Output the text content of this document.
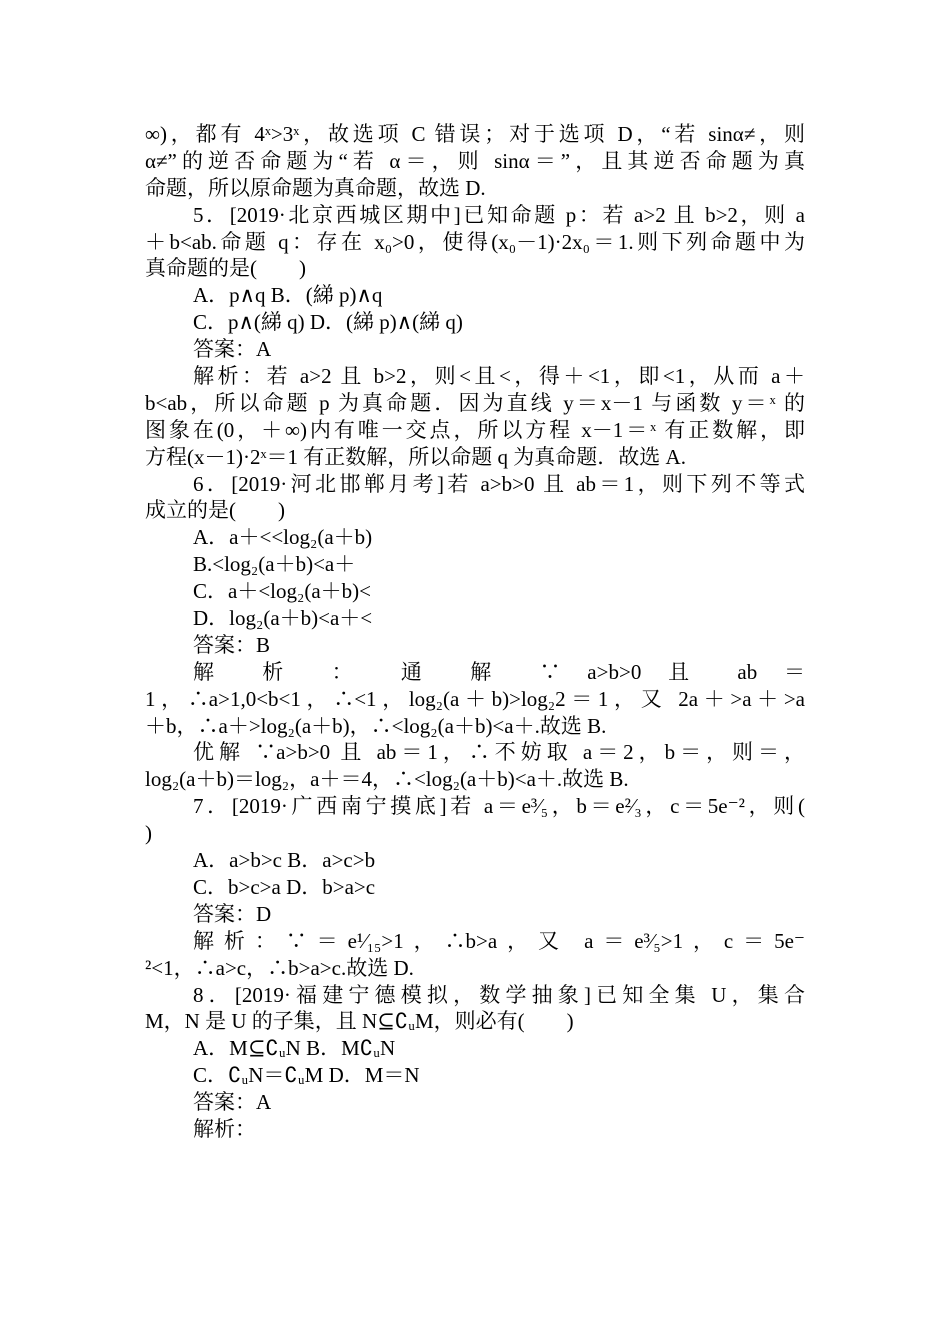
∞)，都有 4ˣ>3ˣ，故选项 C 错误；对于选项 D，“若 sinα≠，则
α≠”的逆否命题为“若 α＝，则 sinα＝”，且其逆否命题为真
命题，所以原命题为真命题，故选 D.
5．[2019·北京西城区期中]已知命题 p：若 a>2 且 b>2，则 a
＋b<ab.命题 q：存在 x₀>0，使得(x₀－1)·2x₀＝1.则下列命题中为
真命题的是(　　)
A．p∧q B．(綈 p)∧q
C．p∧(綈 q) D．(綈 p)∧(綈 q)
答案：A
解析：若 a>2 且 b>2，则<且<，得＋<1，即<1，从而 a＋
b<ab，所以命题 p 为真命题．因为直线 y＝x－1 与函数 y＝ˣ 的
图象在(0，＋∞)内有唯一交点，所以方程 x－1＝ˣ 有正数解，即
方程(x－1)·2ˣ＝1 有正数解，所以命题 q 为真命题．故选 A.
6．[2019·河北邯郸月考]若 a>b>0 且 ab＝1，则下列不等式
成立的是(　　)
A．a＋<<log₂(a＋b)
B.<log₂(a＋b)<a＋
C．a＋<log₂(a＋b)<
D．log₂(a＋b)<a＋<
答案：B
解 析 ： 通 解 ∵ a>b>0 且 ab ＝
1，∴a>1,0<b<1，∴<1，log₂(a＋b)>log₂2＝1，又 2a＋>a＋>a
＋b，∴a＋>log₂(a＋b)，∴<log₂(a＋b)<a＋.故选 B.
优解 ∵a>b>0 且 ab＝1，∴不妨取 a＝2，b＝，则＝，
log₂(a＋b)＝log₂，a＋＝4，∴<log₂(a＋b)<a＋.故选 B.
7．[2019·广西南宁摸底]若 a＝e³⁄₅，b＝e²⁄₃，c＝5e⁻²，则(
)
A．a>b>c B．a>c>b
C．b>c>a D．b>a>c
答案：D
解析：∵＝e¹⁄₁₅>1，∴b>a，又 a＝e³⁄₅>1，c＝5e⁻
²<1，∴a>c，∴b>a>c.故选 D.
8．[2019·福建宁德模拟，数学抽象]已知全集 U，集合
M，N 是 U 的子集，且 N⊆∁ᵤM，则必有(　　)
A．M⊆∁ᵤN B．M∁ᵤN
C．∁ᵤN＝∁ᵤM D．M＝N
答案：A
解析：
